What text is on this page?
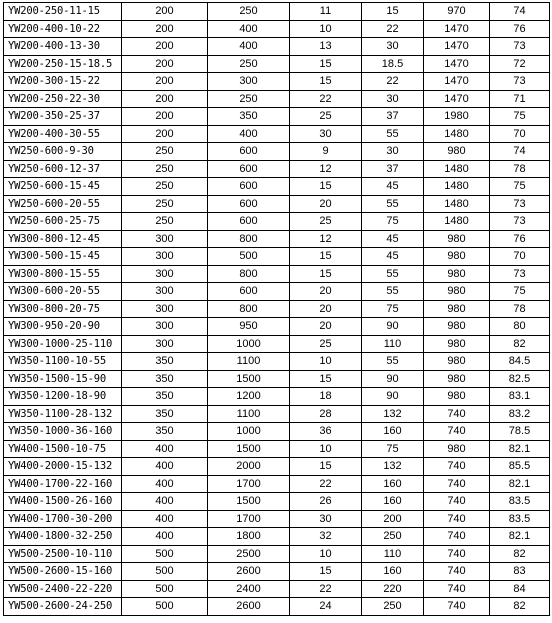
YW200-250-11-15	200	250	11	15	970	74
YW200-400-10-22	200	400	10	22	1470	76
YW200-400-13-30	200	400	13	30	1470	73
YW200-250-15-18.5	200	250	15	18.5	1470	72
YW200-300-15-22	200	300	15	22	1470	73
YW200-250-22-30	200	250	22	30	1470	71
YW200-350-25-37	200	350	25	37	1980	75
YW200-400-30-55	200	400	30	55	1480	70
YW250-600-9-30	250	600	9	30	980	74
YW250-600-12-37	250	600	12	37	1480	78
YW250-600-15-45	250	600	15	45	1480	75
YW250-600-20-55	250	600	20	55	1480	73
YW250-600-25-75	250	600	25	75	1480	73
YW300-800-12-45	300	800	12	45	980	76
YW300-500-15-45	300	500	15	45	980	70
YW300-800-15-55	300	800	15	55	980	73
YW300-600-20-55	300	600	20	55	980	75
YW300-800-20-75	300	800	20	75	980	78
YW300-950-20-90	300	950	20	90	980	80
YW300-1000-25-110	300	1000	25	110	980	82
YW350-1100-10-55	350	1100	10	55	980	84.5
YW350-1500-15-90	350	1500	15	90	980	82.5
YW350-1200-18-90	350	1200	18	90	980	83.1
YW350-1100-28-132	350	1100	28	132	740	83.2
YW350-1000-36-160	350	1000	36	160	740	78.5
YW400-1500-10-75	400	1500	10	75	980	82.1
YW400-2000-15-132	400	2000	15	132	740	85.5
YW400-1700-22-160	400	1700	22	160	740	82.1
YW400-1500-26-160	400	1500	26	160	740	83.5
YW400-1700-30-200	400	1700	30	200	740	83.5
YW400-1800-32-250	400	1800	32	250	740	82.1
YW500-2500-10-110	500	2500	10	110	740	82
YW500-2600-15-160	500	2600	15	160	740	83
YW500-2400-22-220	500	2400	22	220	740	84
YW500-2600-24-250	500	2600	24	250	740	82
